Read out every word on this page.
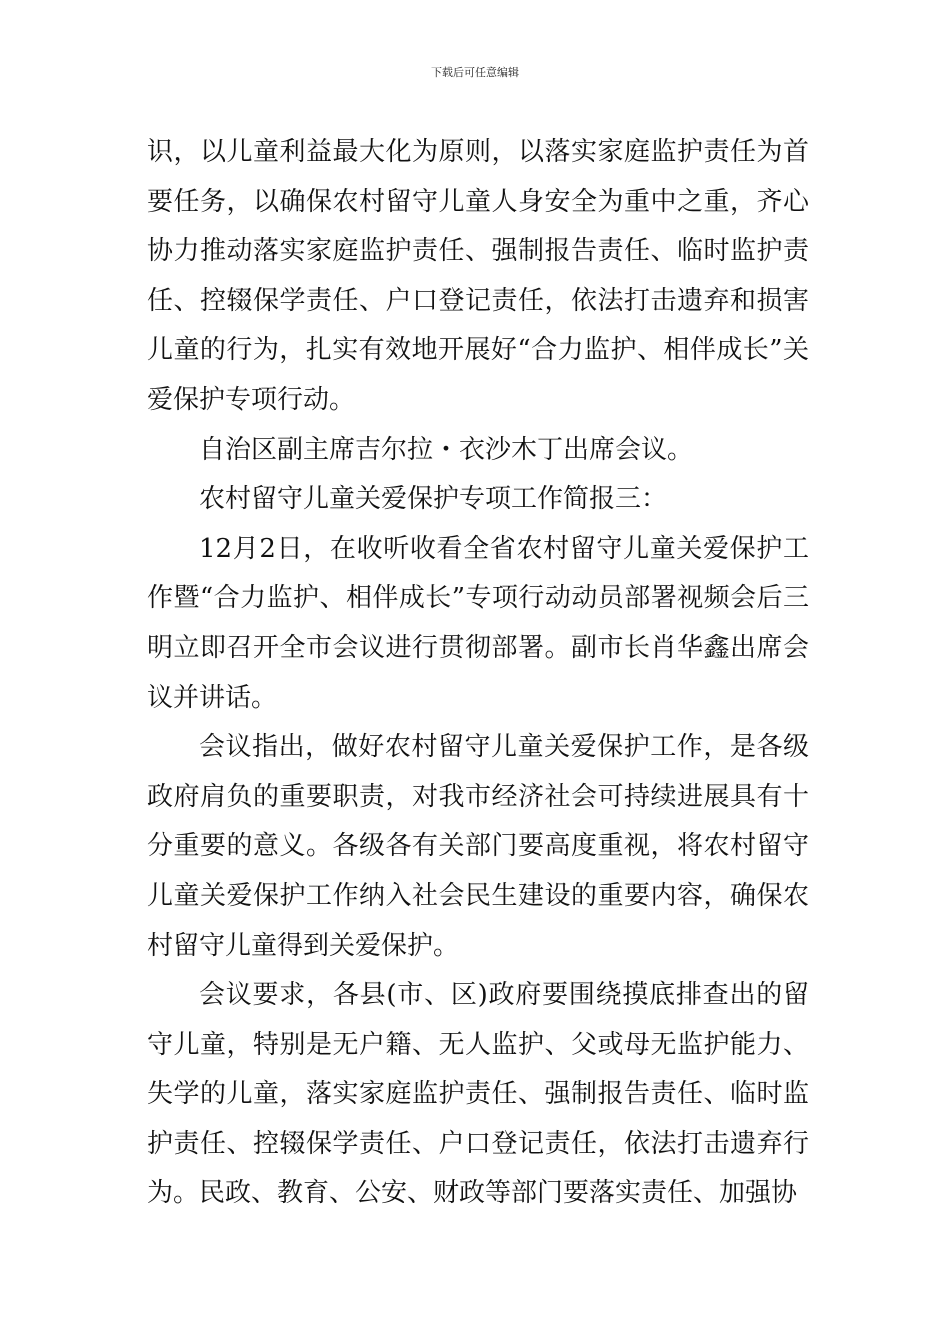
下载后可任意编辑

识，以儿童利益最大化为原则，以落实家庭监护责任为首要任务，以确保农村留守儿童人身安全为重中之重，齐心协力推动落实家庭监护责任、强制报告责任、临时监护责任、控辍保学责任、户口登记责任，依法打击遗弃和损害儿童的行为，扎实有效地开展好“合力监护、相伴成长”关爱保护专项行动。

自治区副主席吉尔拉・衣沙木丁出席会议。

农村留守儿童关爱保护专项工作简报三：

12月2日，在收听收看全省农村留守儿童关爱保护工作暨“合力监护、相伴成长”专项行动动员部署视频会后三明立即召开全市会议进行贯彻部署。副市长肖华鑫出席会议并讲话。

会议指出，做好农村留守儿童关爱保护工作，是各级政府肩负的重要职责，对我市经济社会可持续进展具有十分重要的意义。各级各有关部门要高度重视，将农村留守儿童关爱保护工作纳入社会民生建设的重要内容，确保农村留守儿童得到关爱保护。

会议要求，各县(市、区)政府要围绕摸底排查出的留守儿童，特别是无户籍、无人监护、父或母无监护能力、失学的儿童，落实家庭监护责任、强制报告责任、临时监护责任、控辍保学责任、户口登记责任，依法打击遗弃行为。民政、教育、公安、财政等部门要落实责任、加强协
